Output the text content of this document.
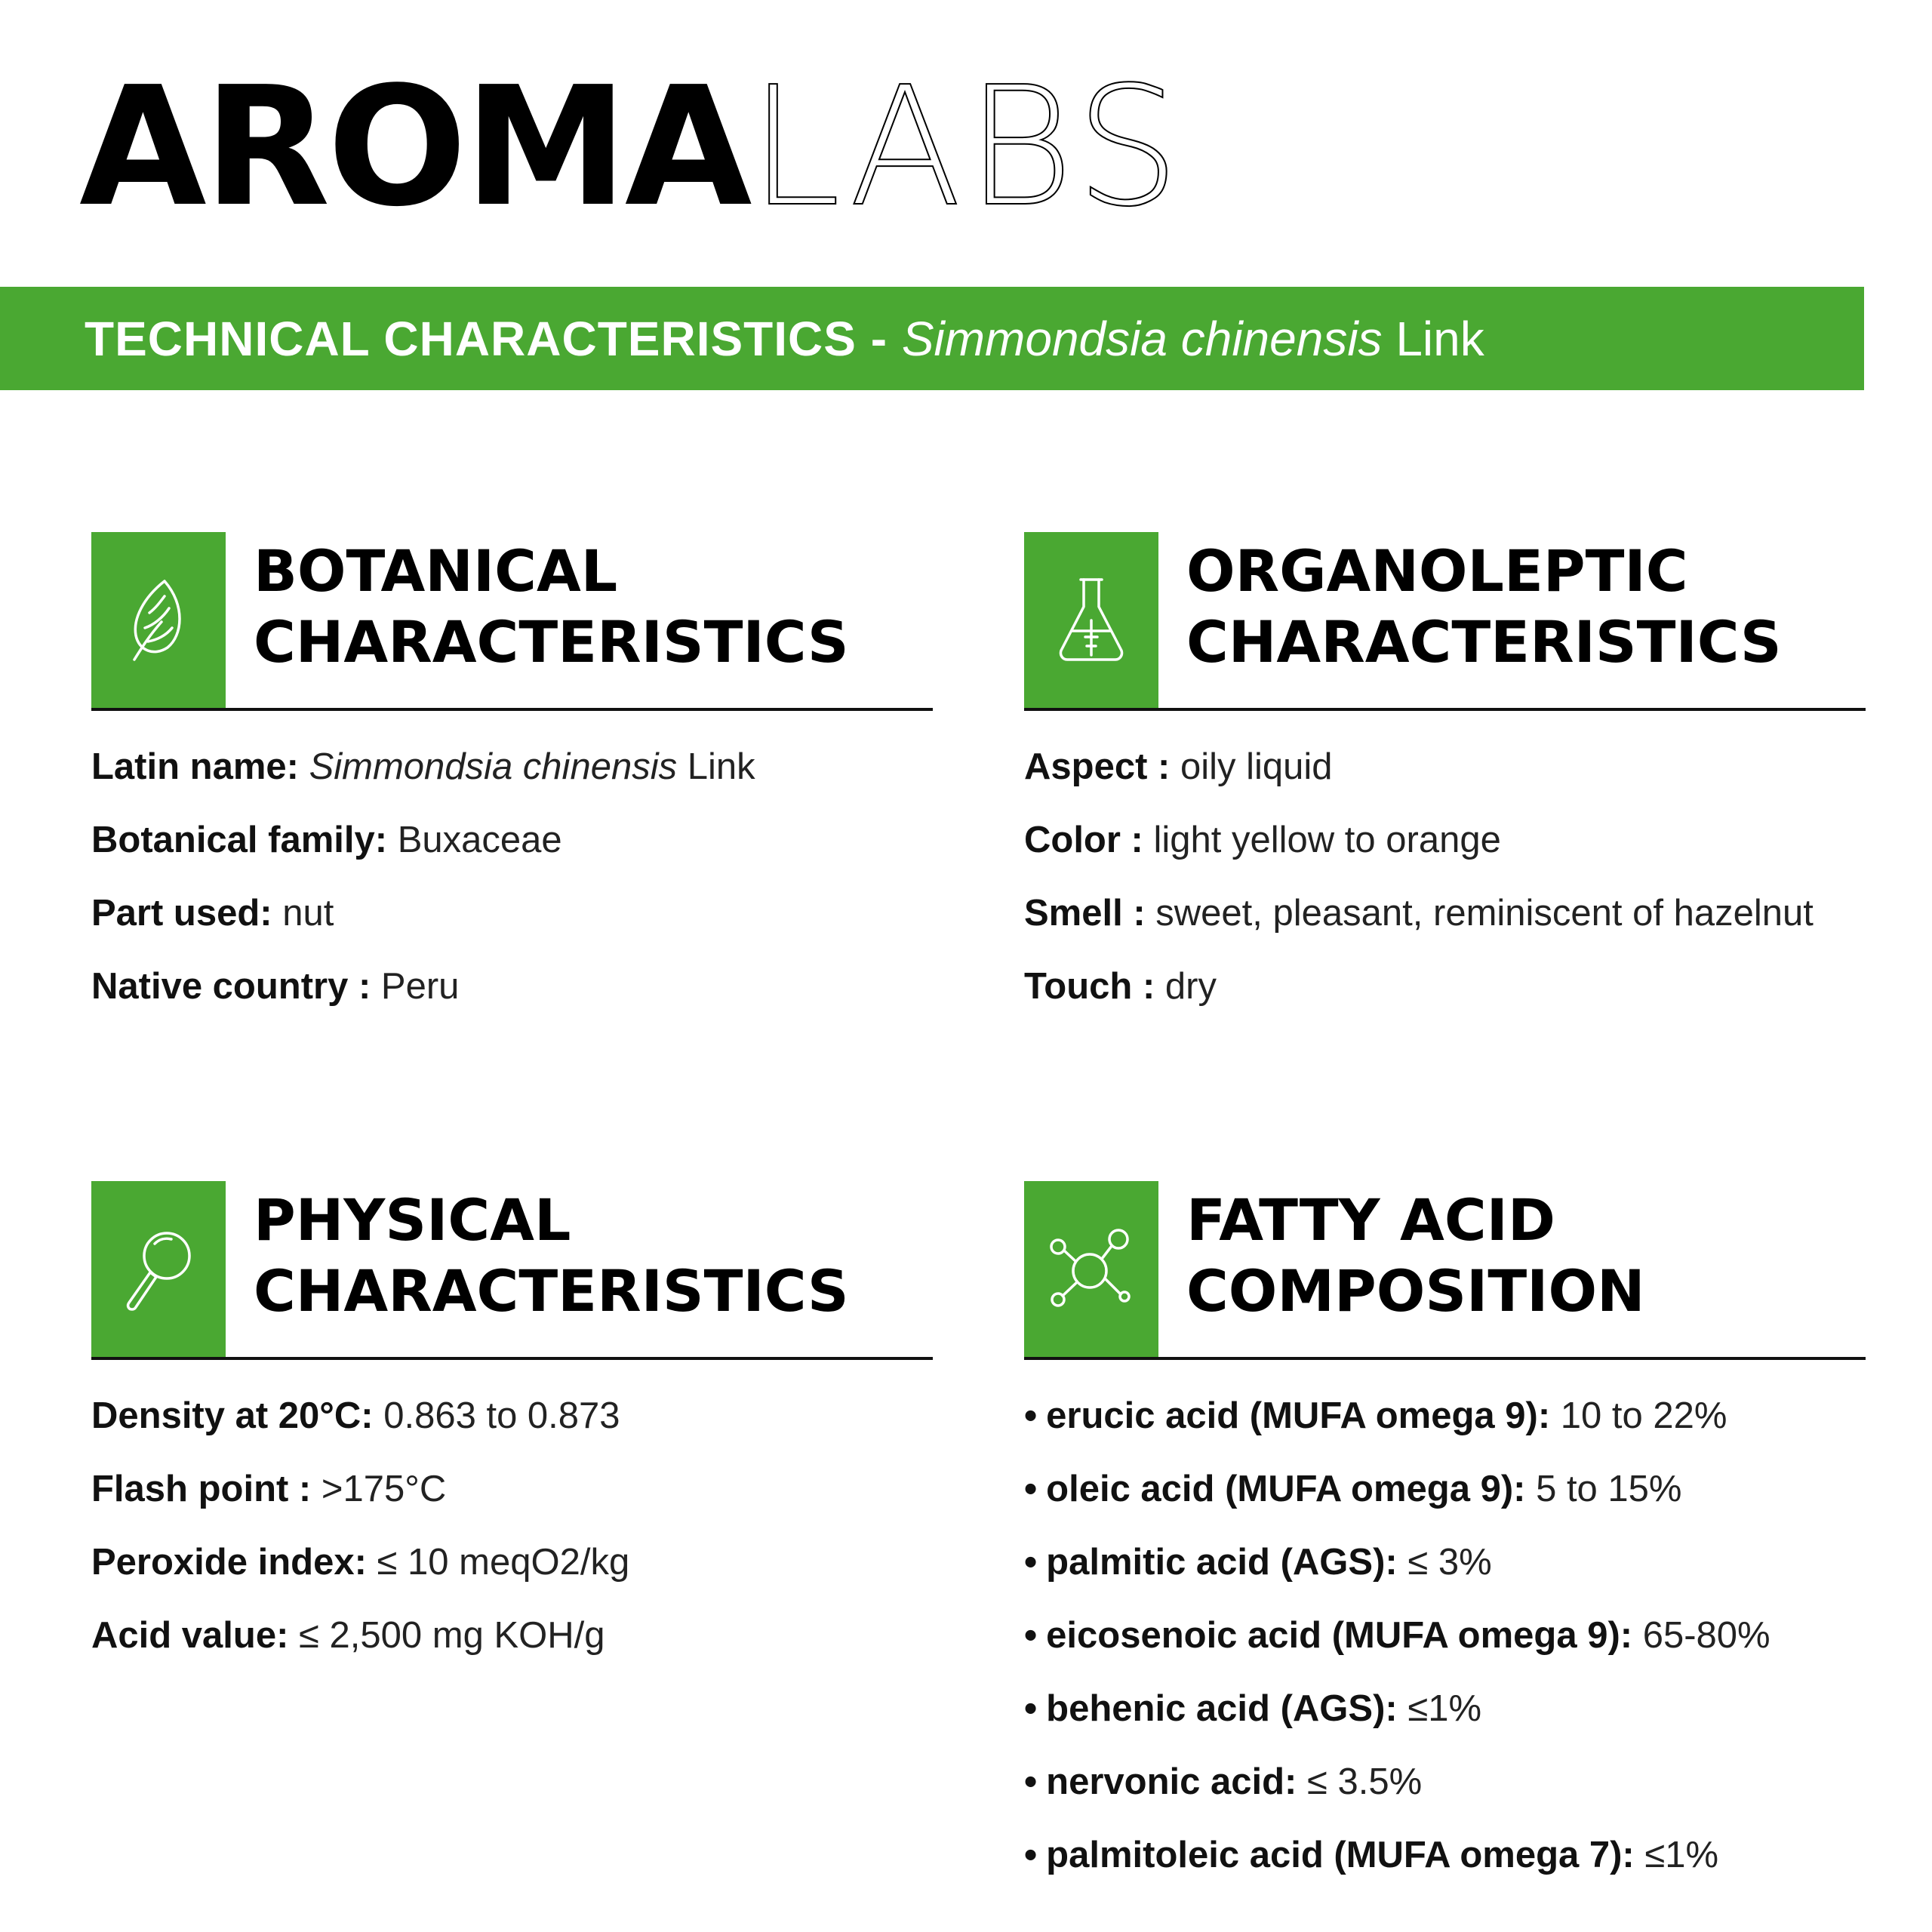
AROMA LABS
TECHNICAL CHARACTERISTICS - Simmondsia chinensis Link
BOTANICAL
CHARACTERISTICS
Latin name: Simmondsia chinensis Link
Botanical family: Buxaceae
Part used: nut
Native country : Peru
ORGANOLEPTIC
CHARACTERISTICS
Aspect : oily liquid
Color : light yellow to orange
Smell : sweet, pleasant, reminiscent of hazelnut
Touch : dry
PHYSICAL
CHARACTERISTICS
Density at 20°C: 0.863 to 0.873
Flash point : >175°C
Peroxide index: ≤ 10 meqO2/kg
Acid value: ≤ 2,500 mg KOH/g
FATTY ACID
COMPOSITION
• erucic acid (MUFA omega 9): 10 to 22%
• oleic acid (MUFA omega 9): 5 to 15%
• palmitic acid (AGS): ≤ 3%
• eicosenoic acid (MUFA omega 9): 65-80%
• behenic acid (AGS): ≤1%
• nervonic acid: ≤ 3.5%
• palmitoleic acid (MUFA omega 7): ≤1%
